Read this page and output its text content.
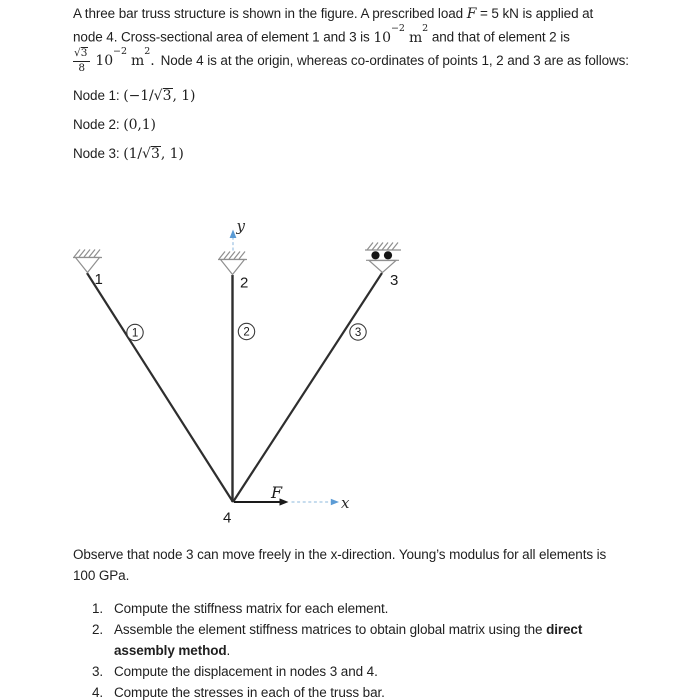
y
F
x
1	2	3
1	2	3
4
A three bar truss structure is shown in the figure. A prescribed load F = 5 kN is applied at
node 4. Cross-sectional area of element 1 and 3 is $10^{-2}m^2$ and that of element 2 is
$\frac{√3}{8} 10^{-2}m^2$. Node 4 is at the origin, whereas co-ordinates of points 1, 2 and 3 are as follows:
Node 1: (−1/√3, 1)
Node 2: (0,1)
Node 3: (1/√3, 1)
Observe that node 3 can move freely in the x-direction. Young’s modulus for all elements is
100 GPa.
1. Compute the stiffness matrix for each element.
2. Assemble the element stiffness matrices to obtain global matrix using the direct assembly method.
3. Compute the displacement in nodes 3 and 4.
4. Compute the stresses in each of the truss bar.
